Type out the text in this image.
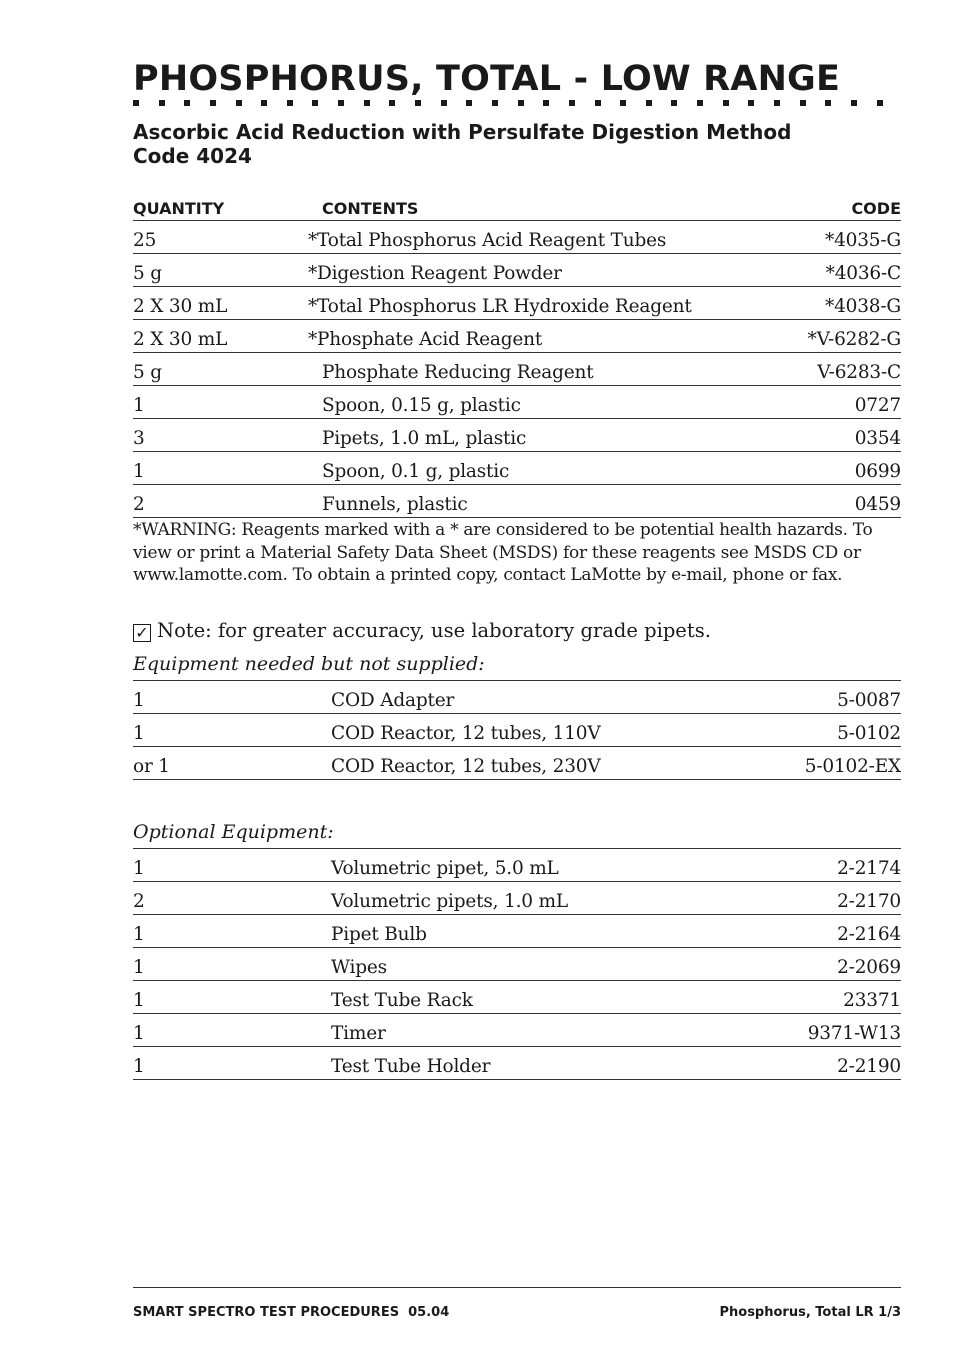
PHOSPHORUS, TOTAL - LOW RANGE
Ascorbic Acid Reduction with Persulfate Digestion Method
Code 4024
QUANTITY	CONTENTS	CODE
25	*Total Phosphorus Acid Reagent Tubes	*4035-G
5 g	*Digestion Reagent Powder	*4036-C
2 X 30 mL	*Total Phosphorus LR Hydroxide Reagent	*4038-G
2 X 30 mL	*Phosphate Acid Reagent	*V-6282-G
5 g	Phosphate Reducing Reagent	V-6283-C
1	Spoon, 0.15 g, plastic	0727
3	Pipets, 1.0 mL, plastic	0354
1	Spoon, 0.1 g, plastic	0699
2	Funnels, plastic	0459

*WARNING: Reagents marked with a * are considered to be potential health hazards. To view or print a Material Safety Data Sheet (MSDS) for these reagents see MSDS CD or www.lamotte.com. To obtain a printed copy, contact LaMotte by e-mail, phone or fax.

✓ Note: for greater accuracy, use laboratory grade pipets.
Equipment needed but not supplied:
1	COD Adapter	5-0087
1	COD Reactor, 12 tubes, 110V	5-0102
or 1	COD Reactor, 12 tubes, 230V	5-0102-EX
Optional Equipment:
1	Volumetric pipet, 5.0 mL	2-2174
2	Volumetric pipets, 1.0 mL	2-2170
1	Pipet Bulb	2-2164
1	Wipes	2-2069
1	Test Tube Rack	23371
1	Timer	9371-W13
1	Test Tube Holder	2-2190
SMART SPECTRO TEST PROCEDURES  05.04	Phosphorus, Total LR 1/3
